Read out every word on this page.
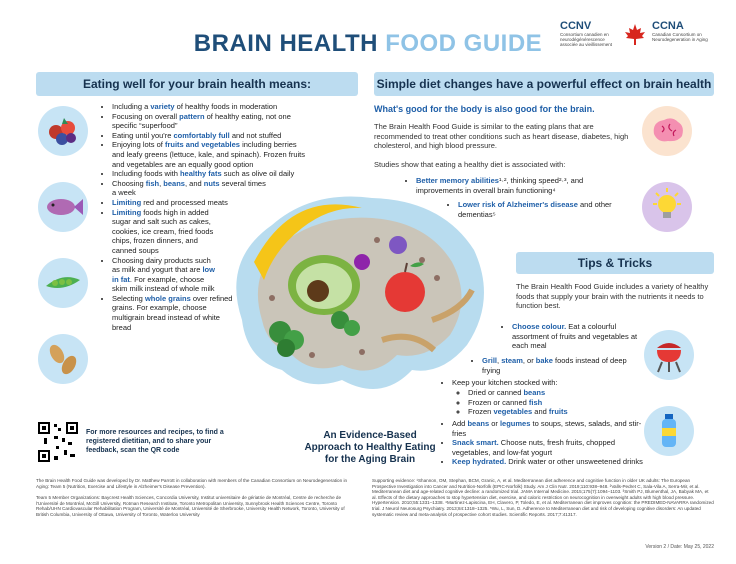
BRAIN HEALTH FOOD GUIDE
CCNV
Consortium canadien en neurodégénérescence associée au vieillissement
CCNA
Canadian Consortium on Neurodegeneration in Aging
Eating well for your brain health means:	Simple diet changes have a powerful effect on brain health
• Including a variety of healthy foods in moderation
• Focusing on overall pattern of healthy eating, not one specific “superfood”
• Eating until you're comfortably full and not stuffed
• Enjoying lots of fruits and vegetables including berries and leafy greens (lettuce, kale, and spinach). Frozen fruits and vegetables are an equally good option
• Including foods with healthy fats such as olive oil daily
• Choosing fish, beans, and nuts several times a week
• Limiting red and processed meats
• Limiting foods high in added sugar and salt such as cakes, cookies, ice cream, fried foods chips, frozen dinners, and canned soups
• Choosing dairy products such as milk and yogurt that are low in fat. For example, choose skim milk instead of whole milk
• Selecting whole grains over refined grains. For example, choose multigrain bread instead of white bread
An Evidence-Based Approach to Healthy Eating for the Aging Brain
For more resources and recipes, to find a registered dietitian, and to share your feedback, scan the QR code
What's good for the body is also good for the brain.
The Brain Health Food Guide is similar to the eating plans that are recommended to treat other conditions such as heart disease, diabetes, high cholesterol, and high blood pressure.
Studies show that eating a healthy diet is associated with:
• Better memory abilities¹·², thinking speed²·³, and improvements in overall brain functioning⁴
• Lower risk of Alzheimer's disease and other dementias⁵
Tips & Tricks
The Brain Health Food Guide includes a variety of healthy foods that supply your brain with the nutrients it needs to function best.
• Choose colour. Eat a colourful assortment of fruits and vegetables at each meal
• Grill, steam, or bake foods instead of deep frying
• Keep your kitchen stocked with:
◦ Dried or canned beans
◦ Frozen or canned fish
◦ Frozen vegetables and fruits
• Add beans or legumes to soups, stews, salads, and stir-fries
• Snack smart. Choose nuts, fresh fruits, chopped vegetables, and low-fat yogurt
• Keep hydrated. Drink water or other unsweetened drinks
The Brain Health Food Guide was developed by Dr. Matthew Parrott in collaboration with members of the Canadian Consortium on Neurodegeneration in Aging: Team 5 (Nutrition, Exercise and Lifestyle in Alzheimer's Disease Prevention).
Team 5 Member Organizations: Baycrest Health Sciences, Concordia University, Institut universitaire de gériatrie de Montréal, Centre de recherche de l'Université de Montréal, McGill University, Rotman Research Institute, Toronto Metropolitan University, Sunnybrook Health Sciences Centre, Toronto Rehab/UHN Cardiovascular Rehabilitation Program, Université de Montréal, Université de Sherbrooke, University Health Network, Toronto, University of British Columbia, University of Ottawa, University of Toronto, Waterloo University
Supporting evidence: ¹Shannon, OM, Stephan, BCM, Granic, A, et al. Mediterranean diet adherence and cognitive function in older UK adults: The European Prospective Investigation into Cancer and Nutrition-Norfolk (EPIC-Norfolk) Study. Am J Clin Nutr. 2019;110:938–948. ²Valls-Pedret C, Sala-Vila A, Serra-Mir, et al. Mediterranean diet and age-related cognitive decline: a randomized trial. JAMA Internal Medicine. 2015;175(7):1094–1103. ³Smith PJ, Blumenthal, JA, Babyak MA, et al. Effects of the dietary approaches to stop hypertension diet, exercise, and caloric restriction on neurocognition in overweight adults with high blood pressure. Hypertension. 2010;55:1331–1338. ⁴Martinez-Lapiscina, EH, Clavero, P, Toledo, E, et al. Mediterranean diet improves cognition: the PREDIMED-NAVARRA randomized trial. J Neurol Neurosurg Psychiatry. 2013;84:1318–1325. ⁵Wu, L, Sun, D. Adherence to Mediterranean diet and risk of developing cognitive disorders: An updated systematic review and meta-analysis of prospective cohort studies. Scientific Reports. 2017;7:41317.
Version 2 / Date: May 25, 2022
